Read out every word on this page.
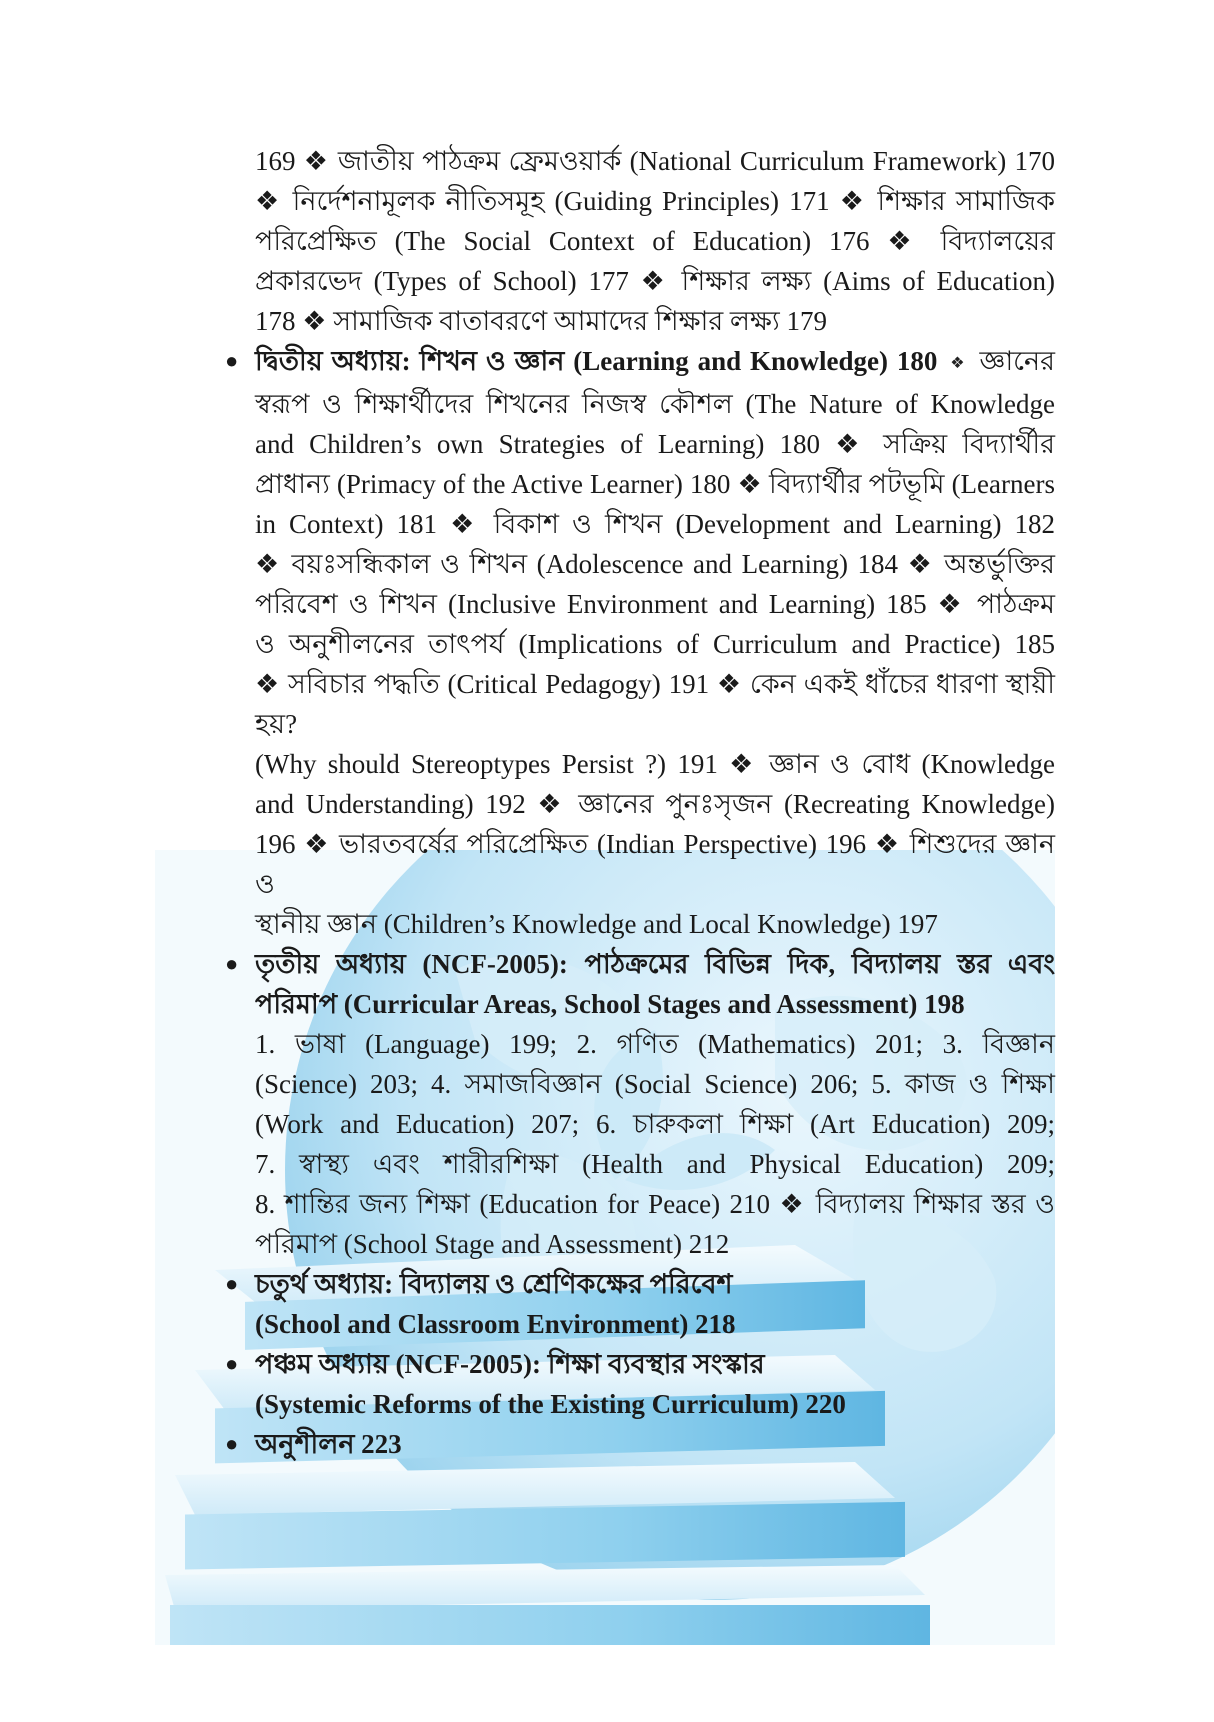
169 ❖ জাতীয় পাঠক্রম ফ্রেমওয়ার্ক (National Curriculum Framework) 170
❖ নির্দেশনামূলক নীতিসমূহ (Guiding Principles) 171 ❖ শিক্ষার সামাজিক
পরিপ্রেক্ষিত (The Social Context of Education) 176 ❖ বিদ্যালয়ের
প্রকারভেদ (Types of School) 177 ❖ শিক্ষার লক্ষ্য (Aims of Education)
178 ❖ সামাজিক বাতাবরণে আমাদের শিক্ষার লক্ষ্য 179
● দ্বিতীয় অধ্যায়: শিখন ও জ্ঞান (Learning and Knowledge) 180 ❖ জ্ঞানের
স্বরূপ ও শিক্ষার্থীদের শিখনের নিজস্ব কৌশল (The Nature of Knowledge
and Children’s own Strategies of Learning) 180 ❖ সক্রিয় বিদ্যার্থীর
প্রাধান্য (Primacy of the Active Learner) 180 ❖ বিদ্যার্থীর পটভূমি (Learners
in Context) 181 ❖ বিকাশ ও শিখন (Development and Learning) 182
❖ বয়ঃসন্ধিকাল ও শিখন (Adolescence and Learning) 184 ❖ অন্তর্ভুক্তির
পরিবেশ ও শিখন (Inclusive Environment and Learning) 185 ❖ পাঠক্রম
ও অনুশীলনের তাৎপর্য (Implications of Curriculum and Practice) 185
❖ সবিচার পদ্ধতি (Critical Pedagogy) 191 ❖ কেন একই ধাঁচের ধারণা স্থায়ী হয়?
(Why should Stereoptypes Persist ?) 191 ❖ জ্ঞান ও বোধ (Knowledge
and Understanding) 192 ❖ জ্ঞানের পুনঃসৃজন (Recreating Knowledge)
196 ❖ ভারতবর্ষের পরিপ্রেক্ষিত (Indian Perspective) 196 ❖ শিশুদের জ্ঞান ও
স্থানীয় জ্ঞান (Children’s Knowledge and Local Knowledge) 197
● তৃতীয় অধ্যায় (NCF-2005): পাঠক্রমের বিভিন্ন দিক, বিদ্যালয় স্তর এবং
পরিমাপ (Curricular Areas, School Stages and Assessment) 198
1. ভাষা (Language) 199; 2. গণিত (Mathematics) 201; 3. বিজ্ঞান
(Science) 203; 4. সমাজবিজ্ঞান (Social Science) 206; 5. কাজ ও শিক্ষা
(Work and Education) 207; 6. চারুকলা শিক্ষা (Art Education) 209;
7. স্বাস্থ্য এবং শারীরশিক্ষা (Health and Physical Education) 209;
8. শান্তির জন্য শিক্ষা (Education for Peace) 210 ❖ বিদ্যালয় শিক্ষার স্তর ও
পরিমাপ (School Stage and Assessment) 212
● চতুর্থ অধ্যায়: বিদ্যালয় ও শ্রেণিকক্ষের পরিবেশ
(School and Classroom Environment) 218
● পঞ্চম অধ্যায় (NCF-2005): শিক্ষা ব্যবস্থার সংস্কার
(Systemic Reforms of the Existing Curriculum) 220
● অনুশীলন 223
